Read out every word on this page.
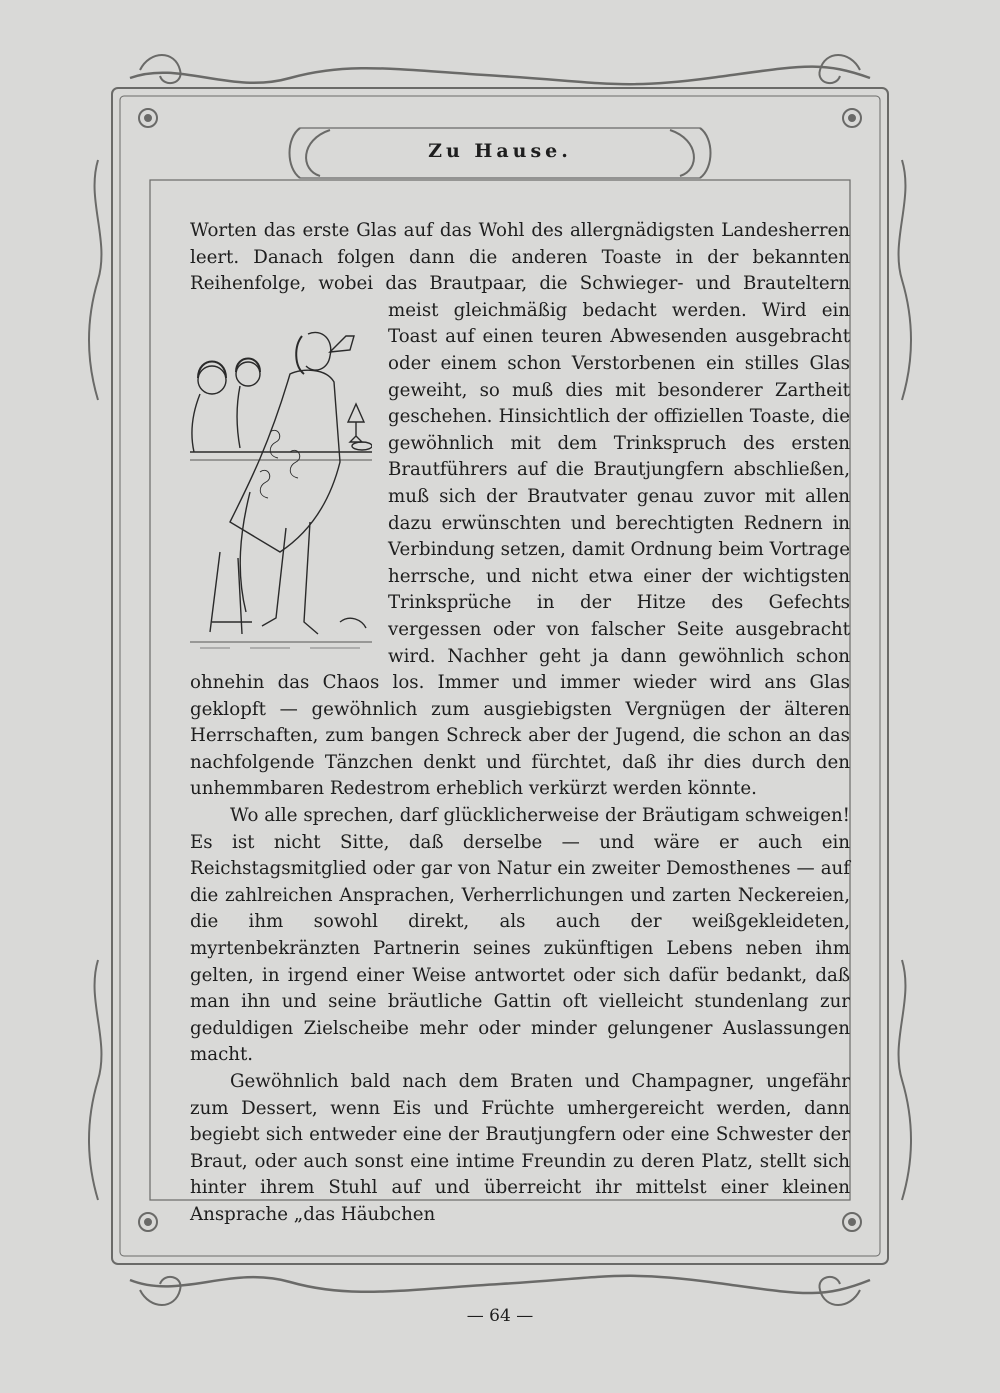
Zu Hause.

Worten das erste Glas auf das Wohl des allergnädigsten Landesherren leert. Danach folgen dann die anderen Toaste in der bekannten Reihenfolge, wobei das Brautpaar, die Schwieger- und Brauteltern meist gleichmäßig bedacht werden. Wird ein Toast auf einen teuren Abwesenden ausgebracht oder einem schon Verstorbenen ein stilles Glas geweiht, so muß dies mit besonderer Zartheit geschehen. Hinsichtlich der offiziellen Toaste, die gewöhnlich mit dem Trinkspruch des ersten Brautführers auf die Brautjungfern abschließen, muß sich der Brautvater genau zuvor mit allen dazu erwünschten und berechtigten Rednern in Verbindung setzen, damit Ordnung beim Vortrage herrsche, und nicht etwa einer der wichtigsten Trinksprüche in der Hitze des Gefechts vergessen oder von falscher Seite ausgebracht wird. Nachher geht ja dann gewöhnlich schon ohnehin das Chaos los. Immer und immer wieder wird ans Glas geklopft — gewöhnlich zum ausgiebigsten Vergnügen der älteren Herrschaften, zum bangen Schreck aber der Jugend, die schon an das nachfolgende Tänzchen denkt und fürchtet, daß ihr dies durch den unhemmbaren Redestrom erheblich verkürzt werden könnte.

Wo alle sprechen, darf glücklicherweise der Bräutigam schweigen! Es ist nicht Sitte, daß derselbe — und wäre er auch ein Reichstagsmitglied oder gar von Natur ein zweiter Demosthenes — auf die zahlreichen Ansprachen, Verherrlichungen und zarten Neckereien, die ihm sowohl direkt, als auch der weißgekleideten, myrtenbekränzten Partnerin seines zukünftigen Lebens neben ihm gelten, in irgend einer Weise antwortet oder sich dafür bedankt, daß man ihn und seine bräutliche Gattin oft vielleicht stundenlang zur geduldigen Zielscheibe mehr oder minder gelungener Auslassungen macht.

Gewöhnlich bald nach dem Braten und Champagner, ungefähr zum Dessert, wenn Eis und Früchte umhergereicht werden, dann begiebt sich entweder eine der Brautjungfern oder eine Schwester der Braut, oder auch sonst eine intime Freundin zu deren Platz, stellt sich hinter ihrem Stuhl auf und überreicht ihr mittelst einer kleinen Ansprache „das Häubchen

— 64 —
